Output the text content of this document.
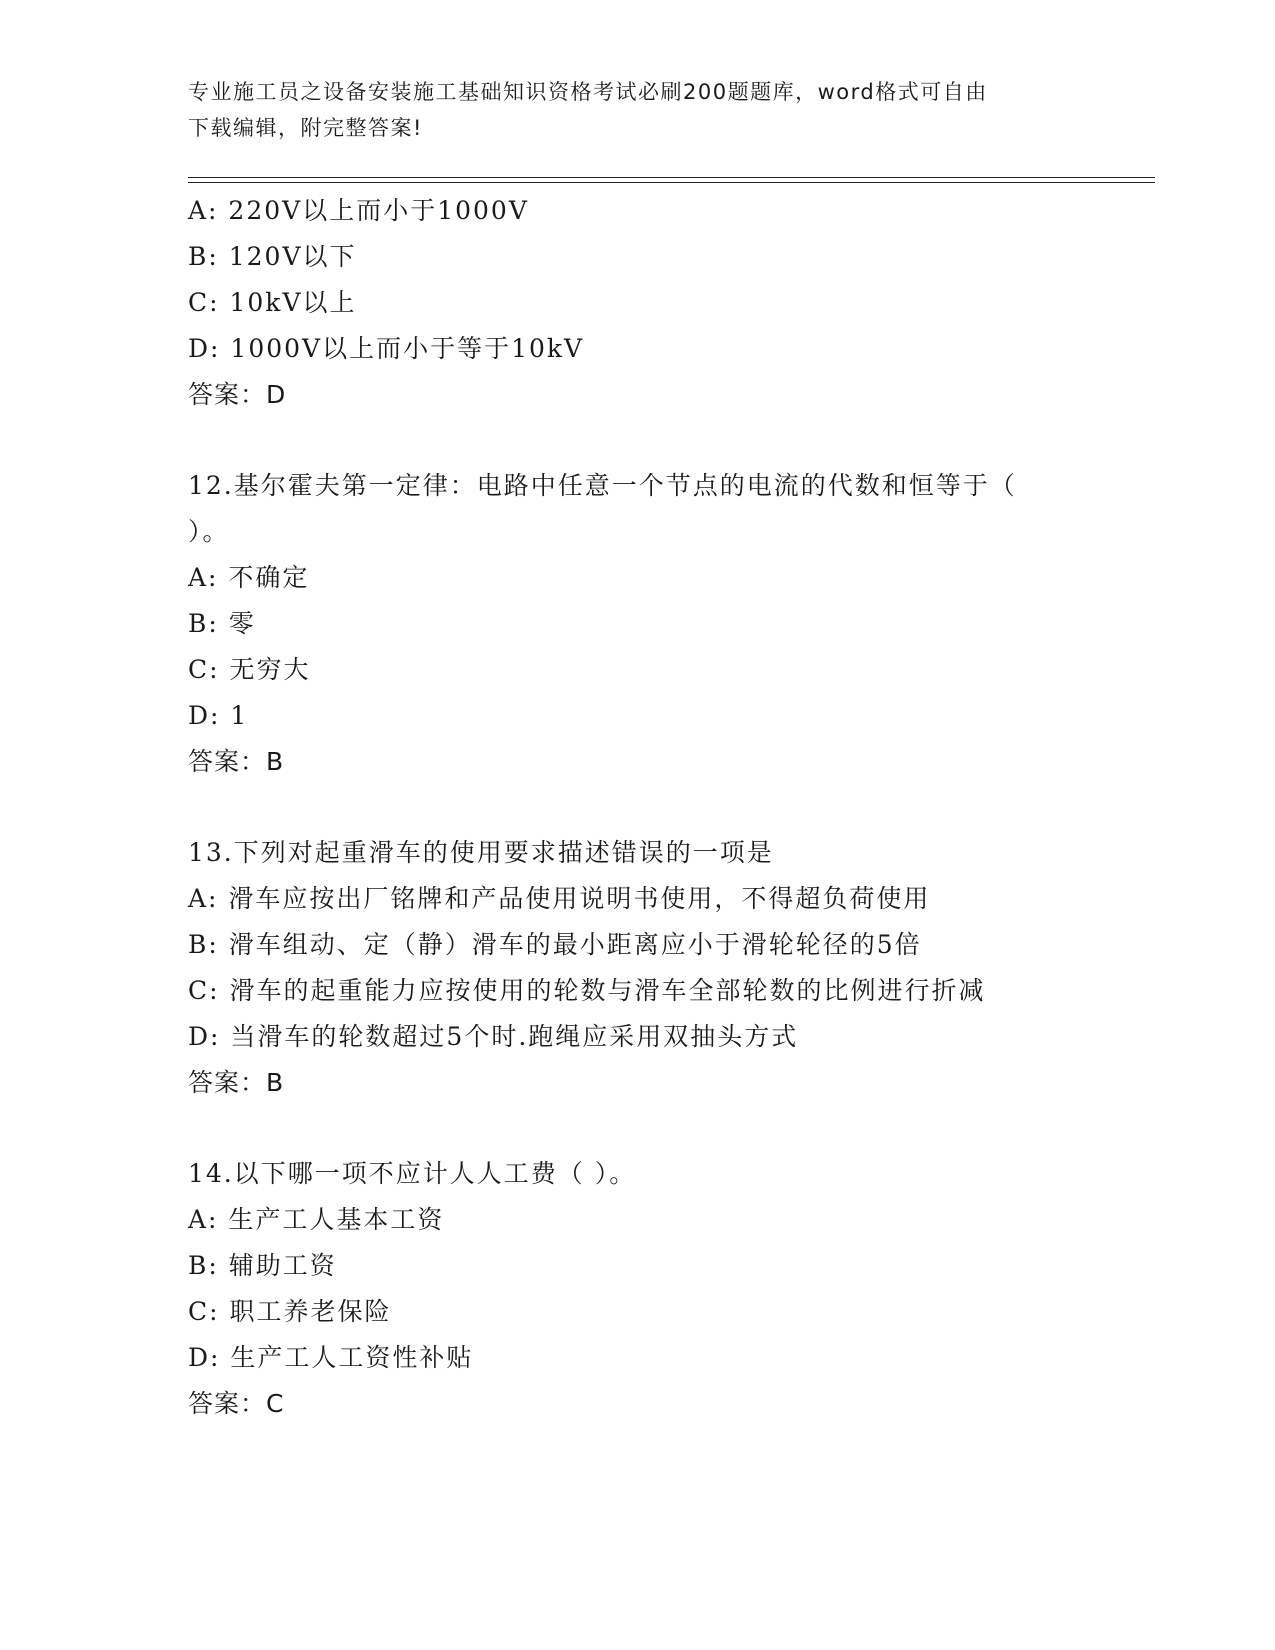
专业施工员之设备安装施工基础知识资格考试必刷200题题库，word格式可自由
下载编辑，附完整答案!
A: 220V以上而小于1000V
B: 120V以下
C: 10kV以上
D: 1000V以上而小于等于10kV
答案：D
12.基尔霍夫第一定律：电路中任意一个节点的电流的代数和恒等于（
）。
A: 不确定
B: 零
C: 无穷大
D: 1
答案：B
13.下列对起重滑车的使用要求描述错误的一项是
A: 滑车应按出厂铭牌和产品使用说明书使用，不得超负荷使用
B: 滑车组动、定（静）滑车的最小距离应小于滑轮轮径的5倍
C: 滑车的起重能力应按使用的轮数与滑车全部轮数的比例进行折减
D: 当滑车的轮数超过5个时.跑绳应采用双抽头方式
答案：B
14.以下哪一项不应计人人工费（ ）。
A: 生产工人基本工资
B: 辅助工资
C: 职工养老保险
D: 生产工人工资性补贴
答案：C
